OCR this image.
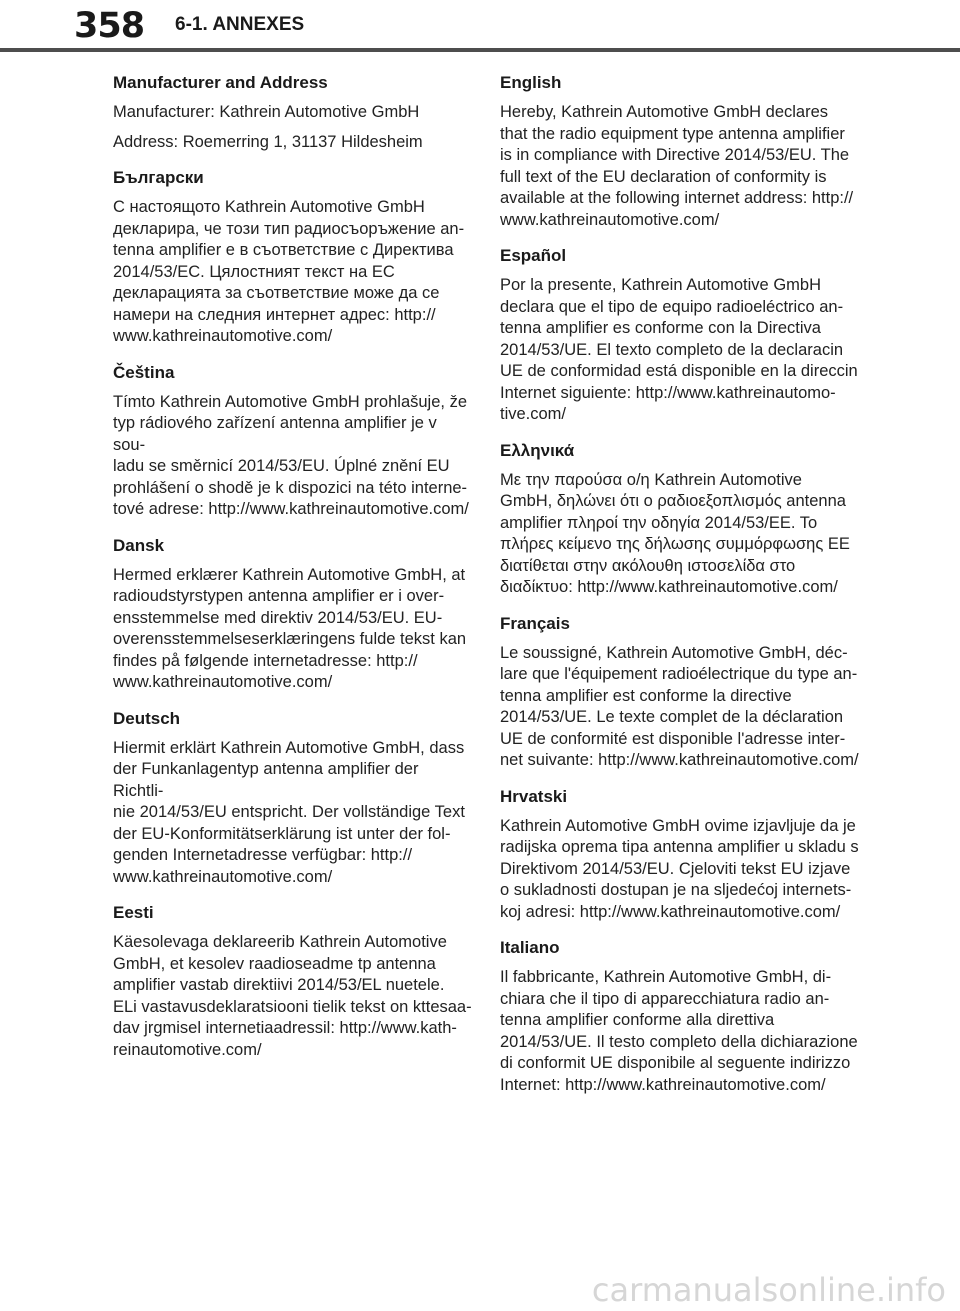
358 6-1. ANNEXES
Manufacturer and Address
Manufacturer: Kathrein Automotive GmbH
Address: Roemerring 1, 31137 Hildesheim
Български
С настоящото Kathrein Automotive GmbH
декларира, че този тип радиосъоръжение an-
tenna amplifier е в съответствие с Директива
2014/53/ЕС. Цялостният текст на ЕС
декларацията за съответствие може да се
намери на следния интернет адрес: http://
www.kathreinautomotive.com/
Čeština
Tímto Kathrein Automotive GmbH prohlašuje, že
typ rádiového zařízení antenna amplifier je v sou-
ladu se směrnicí 2014/53/EU. Úplné znění EU
prohlášení o shodě je k dispozici na této interne-
tové adrese: http://www.kathreinautomotive.com/
Dansk
Hermed erklærer Kathrein Automotive GmbH, at
radioudstyrstypen antenna amplifier er i over-
ensstemmelse med direktiv 2014/53/EU. EU-
overensstemmelseserklæringens fulde tekst kan
findes på følgende internetadresse: http://
www.kathreinautomotive.com/
Deutsch
Hiermit erklärt Kathrein Automotive GmbH, dass
der Funkanlagentyp antenna amplifier der Richtli-
nie 2014/53/EU entspricht. Der vollständige Text
der EU-Konformitätserklärung ist unter der fol-
genden Internetadresse verfügbar: http://
www.kathreinautomotive.com/
Eesti
Käesolevaga deklareerib Kathrein Automotive
GmbH, et kesolev raadioseadme tp antenna
amplifier vastab direktiivi 2014/53/EL nuetele.
ELi vastavusdeklaratsiooni tielik tekst on kttesaa-
dav jrgmisel internetiaadressil: http://www.kath-
reinautomotive.com/
English
Hereby, Kathrein Automotive GmbH declares
that the radio equipment type antenna amplifier
is in compliance with Directive 2014/53/EU. The
full text of the EU declaration of conformity is
available at the following internet address: http://
www.kathreinautomotive.com/
Español
Por la presente, Kathrein Automotive GmbH
declara que el tipo de equipo radioeléctrico an-
tenna amplifier es conforme con la Directiva
2014/53/UE. El texto completo de la declaracin
UE de conformidad está disponible en la direccin
Internet siguiente: http://www.kathreinautomo-
tive.com/
Ελληνικά
Με την παρούσα ο/η Kathrein Automotive
GmbH, δηλώνει ότι ο ραδιοεξοπλισμός antenna
amplifier πληροί την οδηγία 2014/53/ΕΕ. Το
πλήρες κείμενο της δήλωσης συμμόρφωσης ΕΕ
διατίθεται στην ακόλουθη ιστοσελίδα στο
διαδίκτυο: http://www.kathreinautomotive.com/
Français
Le soussigné, Kathrein Automotive GmbH, déc-
lare que l'équipement radioélectrique du type an-
tenna amplifier est conforme la directive
2014/53/UE. Le texte complet de la déclaration
UE de conformité est disponible l'adresse inter-
net suivante: http://www.kathreinautomotive.com/
Hrvatski
Kathrein Automotive GmbH ovime izjavljuje da je
radijska oprema tipa antenna amplifier u skladu s
Direktivom 2014/53/EU. Cjeloviti tekst EU izjave
o sukladnosti dostupan je na sljedećoj internets-
koj adresi: http://www.kathreinautomotive.com/
Italiano
Il fabbricante, Kathrein Automotive GmbH, di-
chiara che il tipo di apparecchiatura radio an-
tenna amplifier conforme alla direttiva
2014/53/UE. Il testo completo della dichiarazione
di conformit UE disponibile al seguente indirizzo
Internet: http://www.kathreinautomotive.com/
carmanualsonline.info
